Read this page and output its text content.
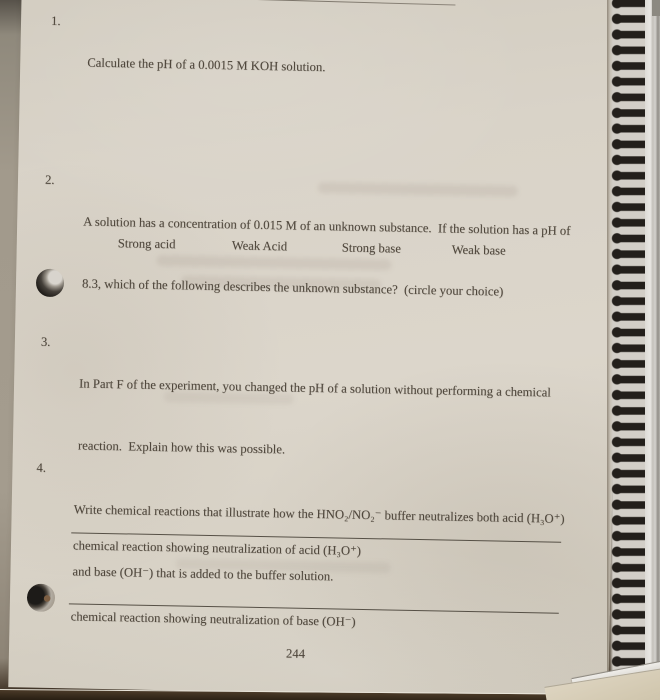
1.

Calculate the pH of a 0.0015 M KOH solution.

2.

A solution has a concentration of 0.015 M of an unknown substance.  If the solution has a pH of

8.3, which of the following describes the unknown substance?  (circle your choice)

Strong acid	Weak Acid	Strong base	Weak base
3.

In Part F of the experiment, you changed the pH of a solution without performing a chemical

reaction.  Explain how this was possible.

4.

Write chemical reactions that illustrate how the HNO₂/NO₂⁻ buffer neutralizes both acid (H₃O⁺)

and base (OH⁻) that is added to the buffer solution.

chemical reaction showing neutralization of acid (H₃O⁺)
chemical reaction showing neutralization of base (OH⁻)
244
